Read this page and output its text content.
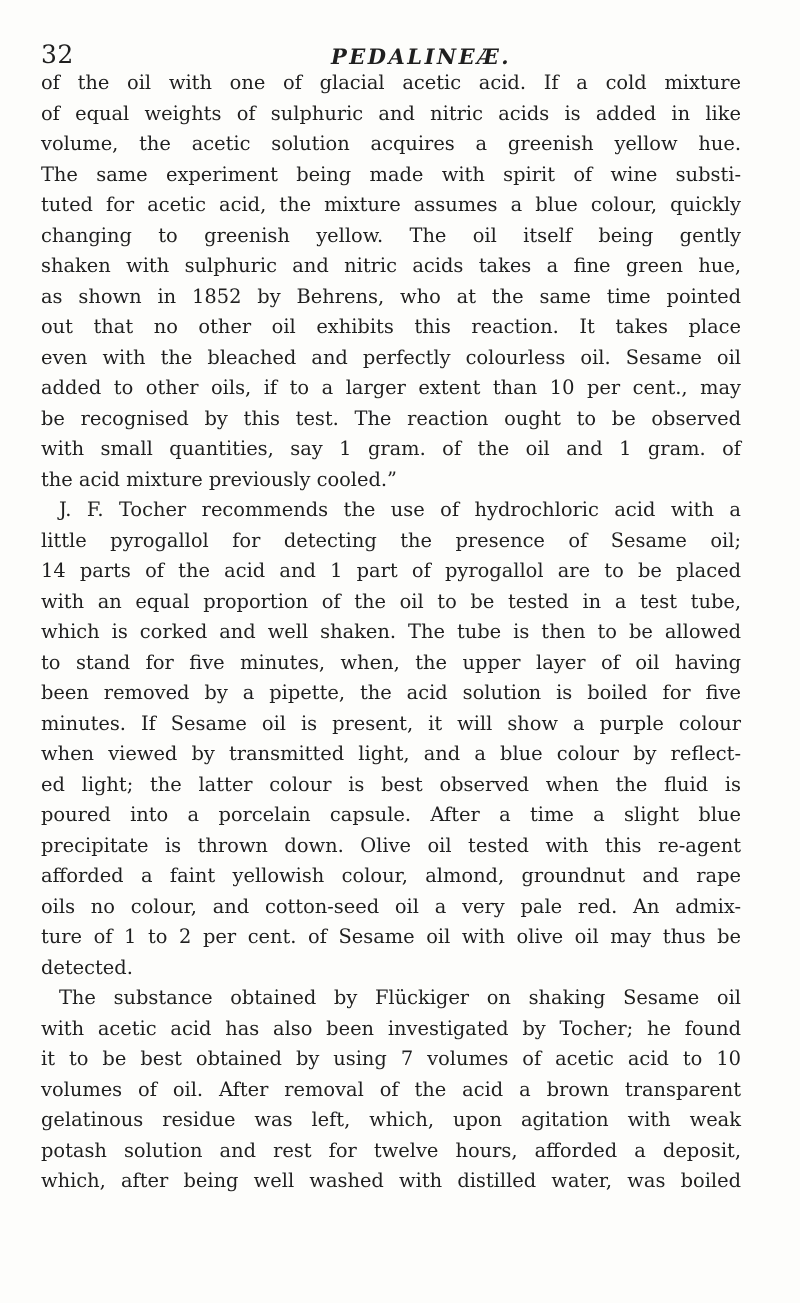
32	PEDALINEÆ.
of the oil with one of glacial acetic acid. If a cold mixture
of equal weights of sulphuric and nitric acids is added in like
volume, the acetic solution acquires a greenish yellow hue.
The same experiment being made with spirit of wine substi-
tuted for acetic acid, the mixture assumes a blue colour, quickly
changing to greenish yellow. The oil itself being gently
shaken with sulphuric and nitric acids takes a fine green hue,
as shown in 1852 by Behrens, who at the same time pointed
out that no other oil exhibits this reaction. It takes place
even with the bleached and perfectly colourless oil. Sesame oil
added to other oils, if to a larger extent than 10 per cent., may
be recognised by this test. The reaction ought to be observed
with small quantities, say 1 gram. of the oil and 1 gram. of
the acid mixture previously cooled.”
J. F. Tocher recommends the use of hydrochloric acid with a
little pyrogallol for detecting the presence of Sesame oil;
14 parts of the acid and 1 part of pyrogallol are to be placed
with an equal proportion of the oil to be tested in a test tube,
which is corked and well shaken. The tube is then to be allowed
to stand for five minutes, when, the upper layer of oil having
been removed by a pipette, the acid solution is boiled for five
minutes. If Sesame oil is present, it will show a purple colour
when viewed by transmitted light, and a blue colour by reflect-
ed light; the latter colour is best observed when the fluid is
poured into a porcelain capsule. After a time a slight blue
precipitate is thrown down. Olive oil tested with this re-agent
afforded a faint yellowish colour, almond, groundnut and rape
oils no colour, and cotton-seed oil a very pale red. An admix-
ture of 1 to 2 per cent. of Sesame oil with olive oil may thus be
detected.
The substance obtained by Flückiger on shaking Sesame oil
with acetic acid has also been investigated by Tocher; he found
it to be best obtained by using 7 volumes of acetic acid to 10
volumes of oil. After removal of the acid a brown transparent
gelatinous residue was left, which, upon agitation with weak
potash solution and rest for twelve hours, afforded a deposit,
which, after being well washed with distilled water, was boiled
